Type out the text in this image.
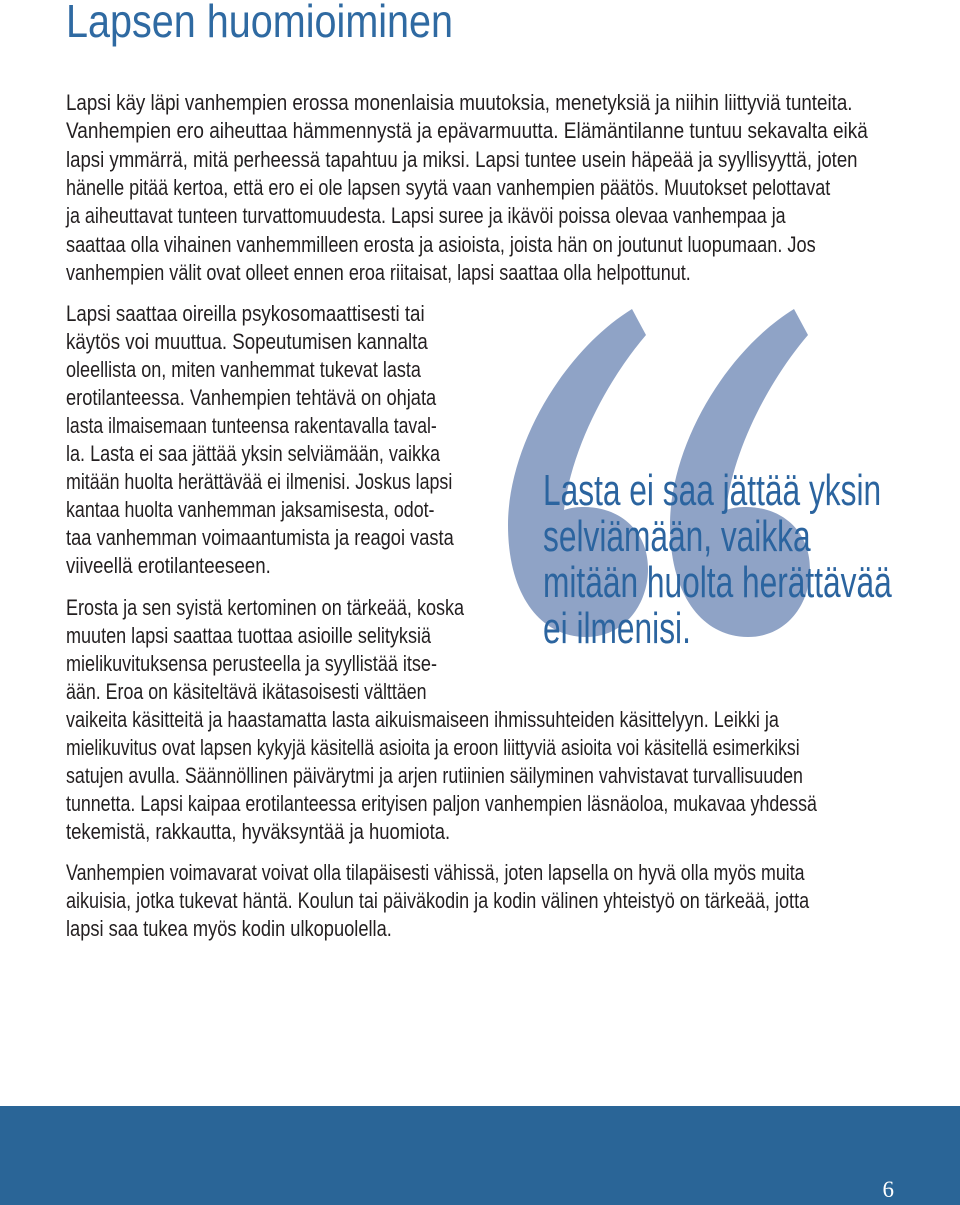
Lapsen huomioiminen

Lapsi käy läpi vanhempien erossa monenlaisia muutoksia, menetyksiä ja niihin liittyviä tunteita.

Vanhempien ero aiheuttaa hämmennystä ja epävarmuutta. Elämäntilanne tuntuu sekavalta eikä

lapsi ymmärrä, mitä perheessä tapahtuu ja miksi. Lapsi tuntee usein häpeää ja syyllisyyttä, joten

hänelle pitää kertoa, että ero ei ole lapsen syytä vaan vanhempien päätös. Muutokset pelottavat

ja aiheuttavat tunteen turvattomuudesta. Lapsi suree ja ikävöi poissa olevaa vanhempaa ja

saattaa olla vihainen vanhemmilleen erosta ja asioista, joista hän on joutunut luopumaan. Jos

vanhempien välit ovat olleet ennen eroa riitaisat, lapsi saattaa olla helpottunut.

Lapsi saattaa oireilla psykosomaattisesti tai

käytös voi muuttua. Sopeutumisen kannalta

oleellista on, miten vanhemmat tukevat lasta

erotilanteessa. Vanhempien tehtävä on ohjata

lasta ilmaisemaan tunteensa rakentavalla taval-

la. Lasta ei saa jättää yksin selviämään, vaikka

mitään huolta herättävää ei ilmenisi. Joskus lapsi

kantaa huolta vanhemman jaksamisesta, odot-

taa vanhemman voimaantumista ja reagoi vasta

viiveellä erotilanteeseen.

Erosta ja sen syistä kertominen on tärkeää, koska

muuten lapsi saattaa tuottaa asioille selityksiä

mielikuvituksensa perusteella ja syyllistää itse-

ään. Eroa on käsiteltävä ikätasoisesti välttäen

vaikeita käsitteitä ja haastamatta lasta aikuismaiseen ihmissuhteiden käsittelyyn. Leikki ja

mielikuvitus ovat lapsen kykyjä käsitellä asioita ja eroon liittyviä asioita voi käsitellä esimerkiksi

satujen avulla. Säännöllinen päivärytmi ja arjen rutiinien säilyminen vahvistavat turvallisuuden

tunnetta. Lapsi kaipaa erotilanteessa erityisen paljon vanhempien läsnäoloa, mukavaa yhdessä

tekemistä, rakkautta, hyväksyntää ja huomiota.

Vanhempien voimavarat voivat olla tilapäisesti vähissä, joten lapsella on hyvä olla myös muita

aikuisia, jotka tukevat häntä. Koulun tai päiväkodin ja kodin välinen yhteistyö on tärkeää, jotta

lapsi saa tukea myös kodin ulkopuolella.

Lasta ei saa jättää yksin

selviämään, vaikka

mitään huolta herättävää

ei ilmenisi.

6
